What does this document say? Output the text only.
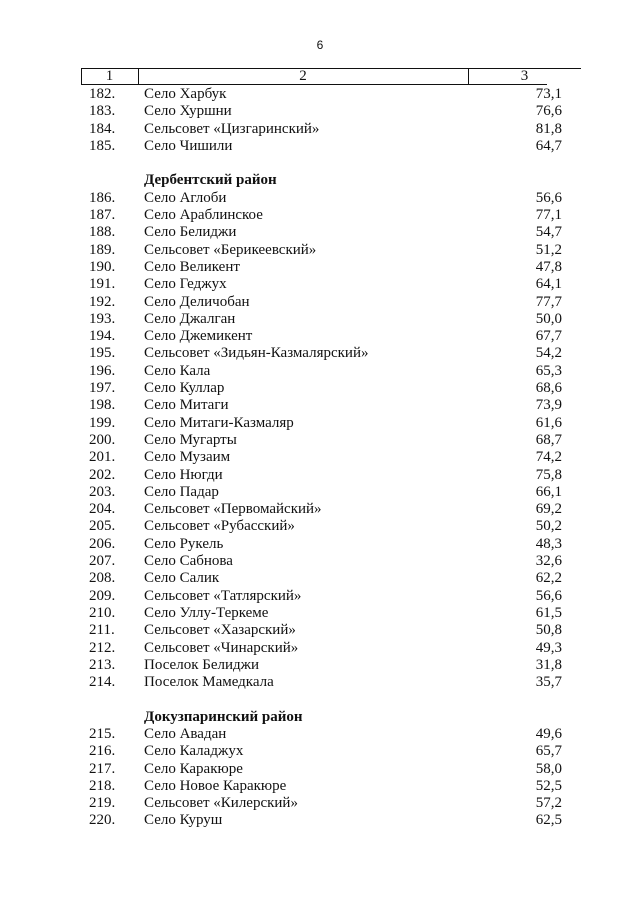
6
1	2	3
182.	Село Харбук	73,1
183.	Село Хуршни	76,6
184.	Сельсовет «Цизгаринский»	81,8
185.	Село Чишили	64,7
Дербентский район
186.	Село Аглоби	56,6
187.	Село Араблинское	77,1
188.	Село Белиджи	54,7
189.	Сельсовет «Берикеевский»	51,2
190.	Село Великент	47,8
191.	Село Геджух	64,1
192.	Село Деличобан	77,7
193.	Село Джалган	50,0
194.	Село Джемикент	67,7
195.	Сельсовет «Зидьян-Казмалярский»	54,2
196.	Село Кала	65,3
197.	Село Куллар	68,6
198.	Село Митаги	73,9
199.	Село Митаги-Казмаляр	61,6
200.	Село Мугарты	68,7
201.	Село Музаим	74,2
202.	Село Нюгди	75,8
203.	Село Падар	66,1
204.	Сельсовет «Первомайский»	69,2
205.	Сельсовет «Рубасский»	50,2
206.	Село Рукель	48,3
207.	Село Сабнова	32,6
208.	Село Салик	62,2
209.	Сельсовет «Татлярский»	56,6
210.	Село Уллу-Теркеме	61,5
211.	Сельсовет «Хазарский»	50,8
212.	Сельсовет «Чинарский»	49,3
213.	Поселок Белиджи	31,8
214.	Поселок Мамедкала	35,7
Докузпаринский район
215.	Село Авадан	49,6
216.	Село Каладжух	65,7
217.	Село Каракюре	58,0
218.	Село Новое Каракюре	52,5
219.	Сельсовет «Килерский»	57,2
220.	Село Куруш	62,5
